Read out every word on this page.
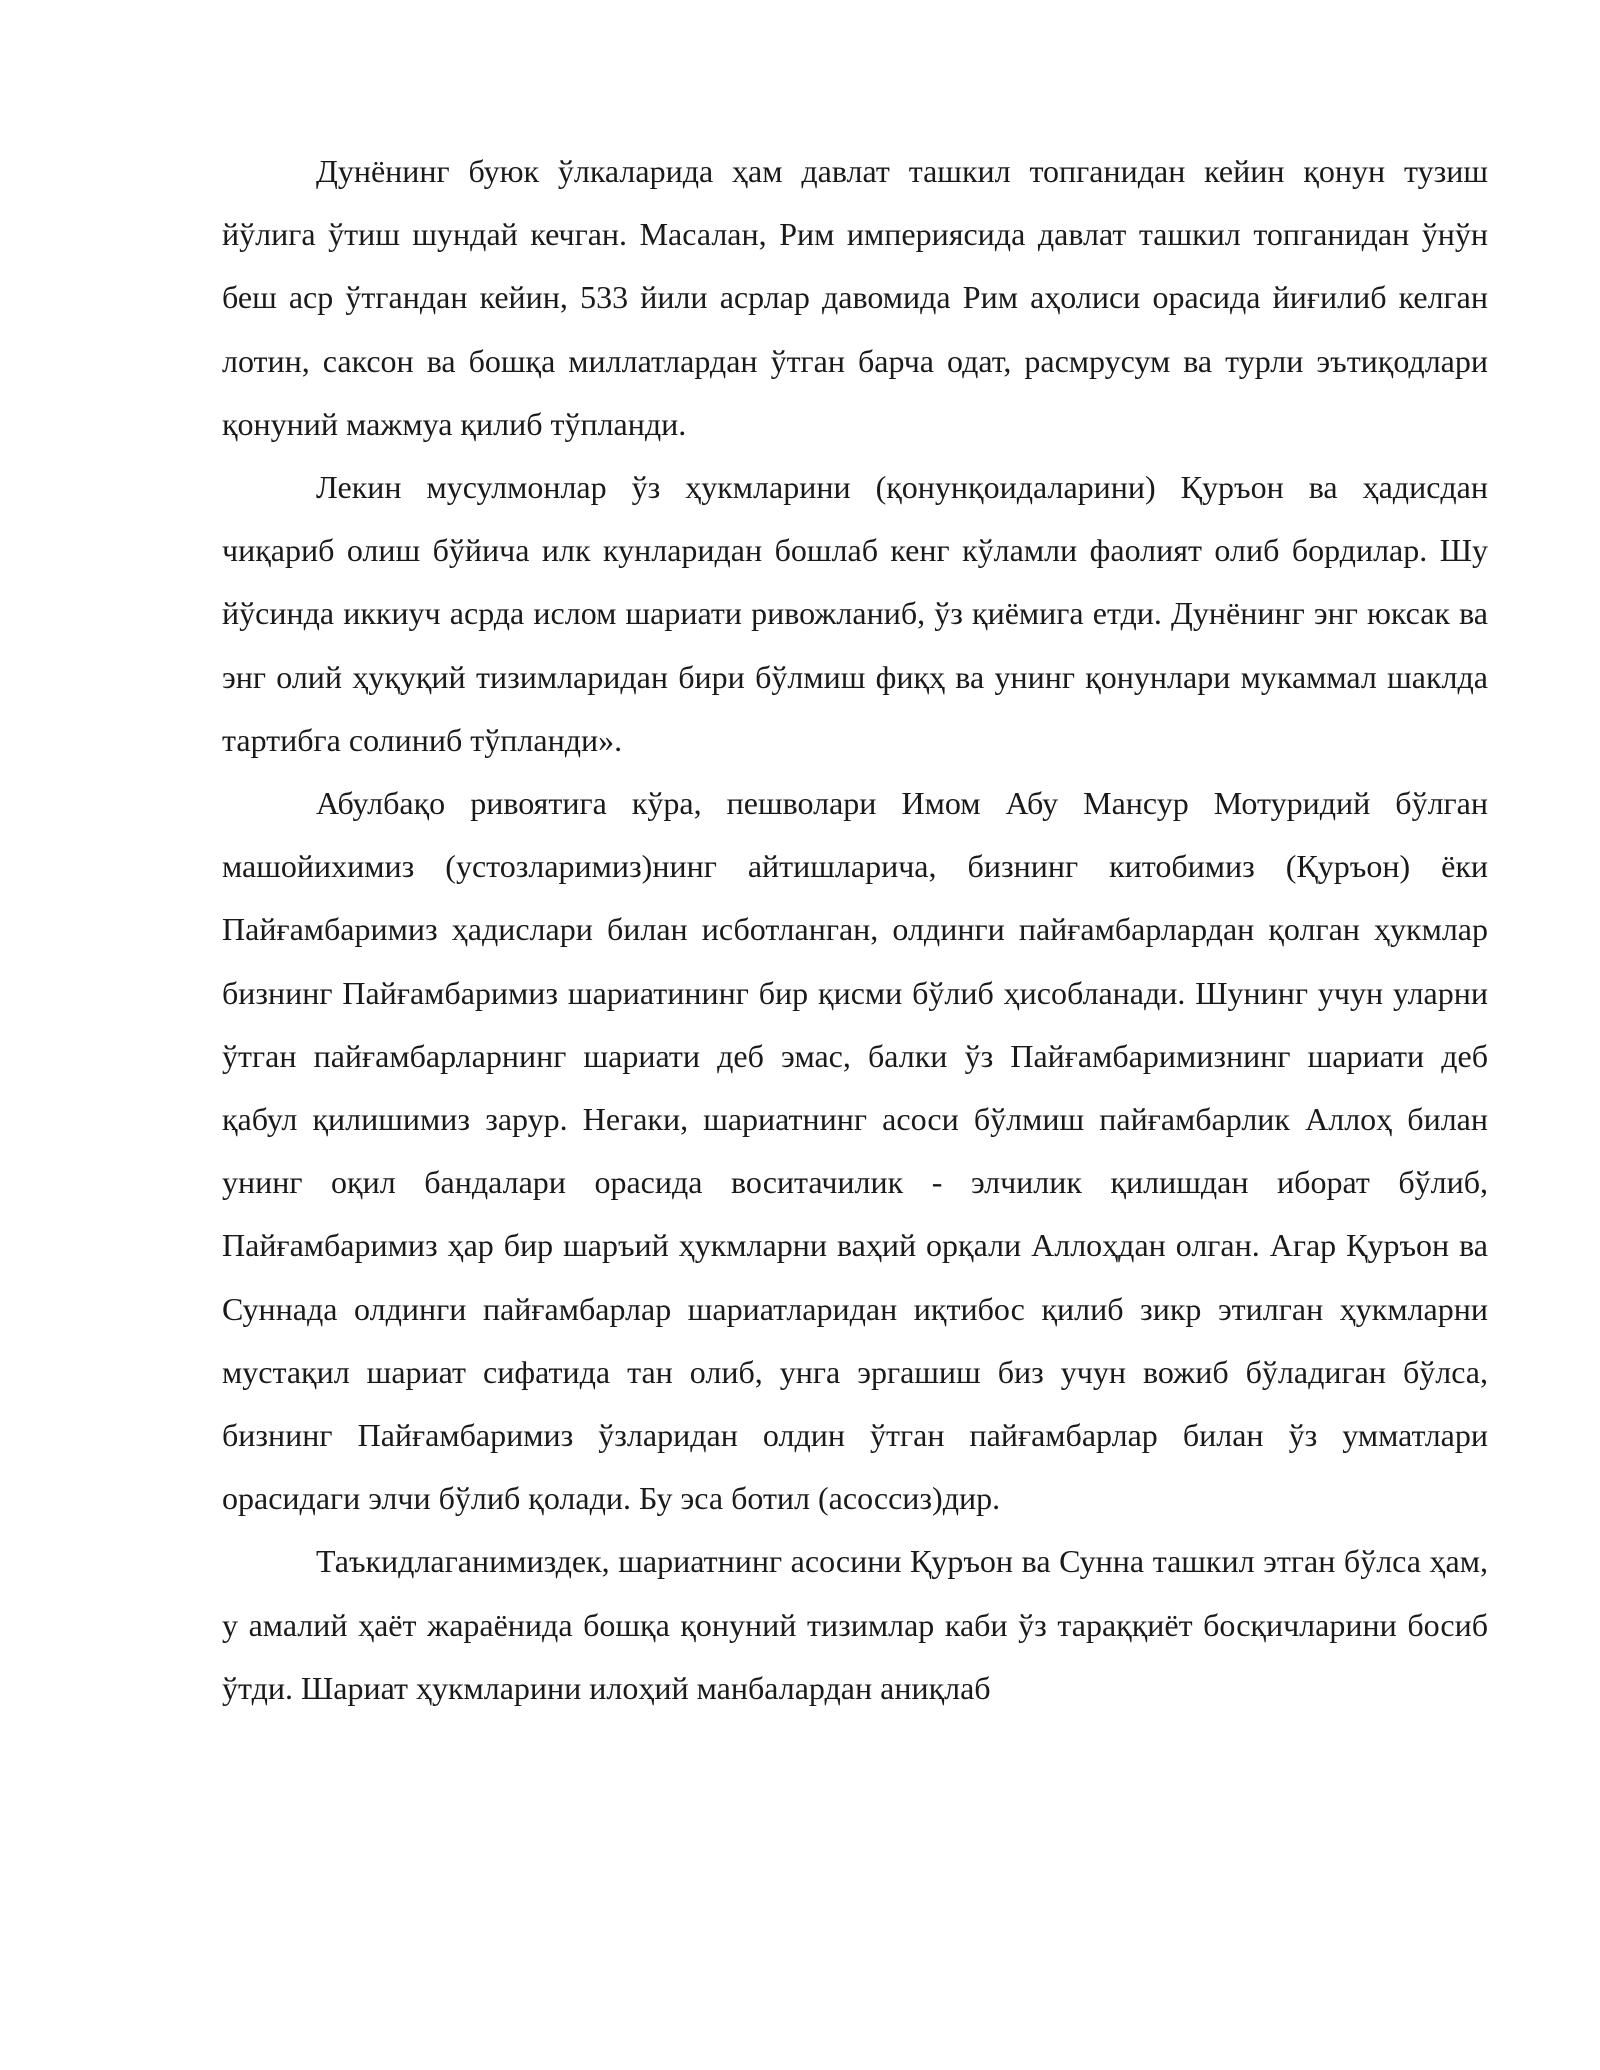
Дунёнинг буюк ўлкаларида ҳам давлат ташкил топганидан кейин қонун тузиш йўлига ўтиш шундай кечган. Масалан, Рим империясида давлат ташкил топганидан ўнўн беш аср ўтгандан кейин, 533 йили асрлар давомида Рим аҳолиси орасида йиғилиб келган лотин, саксон ва бошқа миллатлардан ўтган барча одат, расмрусум ва турли эътиқодлари қонуний мажмуа қилиб тўпланди.

Лекин мусулмонлар ўз ҳукмларини (қонунқоидаларини) Қуръон ва ҳадисдан чиқариб олиш бўйича илк кунларидан бошлаб кенг кўламли фаолият олиб бордилар. Шу йўсинда иккиуч асрда ислом шариати ривожланиб, ўз қиёмига етди. Дунёнинг энг юксак ва энг олий ҳуқуқий тизимларидан бири бўлмиш фиқҳ ва унинг қонунлари мукаммал шаклда тартибга солиниб тўпланди».

Абулбақо ривоятига кўра, пешволари Имом Абу Мансур Мотуридий бўлган машойихимиз (устозларимиз)нинг айтишларича, бизнинг китобимиз (Қуръон) ёки Пайғамбаримиз ҳадислари билан исботланган, олдинги пайғамбарлардан қолган ҳукмлар бизнинг Пайғамбаримиз шариатининг бир қисми бўлиб ҳисобланади. Шунинг учун уларни ўтган пайғамбарларнинг шариати деб эмас, балки ўз Пайғамбаримизнинг шариати деб қабул қилишимиз зарур. Негаки, шариатнинг асоси бўлмиш пайғамбарлик Аллоҳ билан унинг оқил бандалари орасида воситачилик - элчилик қилишдан иборат бўлиб, Пайғамбаримиз ҳар бир шаръий ҳукмларни ваҳий орқали Аллоҳдан олган. Агар Қуръон ва Суннада олдинги пайғамбарлар шариатларидан иқтибос қилиб зикр этилган ҳукмларни мустақил шариат сифатида тан олиб, унга эргашиш биз учун вожиб бўладиган бўлса, бизнинг Пайғамбаримиз ўзларидан олдин ўтган пайғамбарлар билан ўз умматлари орасидаги элчи бўлиб қолади. Бу эса ботил (асоссиз)дир.

Таъкидлаганимиздек, шариатнинг асосини Қуръон ва Сунна ташкил этган бўлса ҳам, у амалий ҳаёт жараёнида бошқа қонуний тизимлар каби ўз тараққиёт босқичларини босиб ўтди. Шариат ҳукмларини илоҳий манбалардан аниқлаб
